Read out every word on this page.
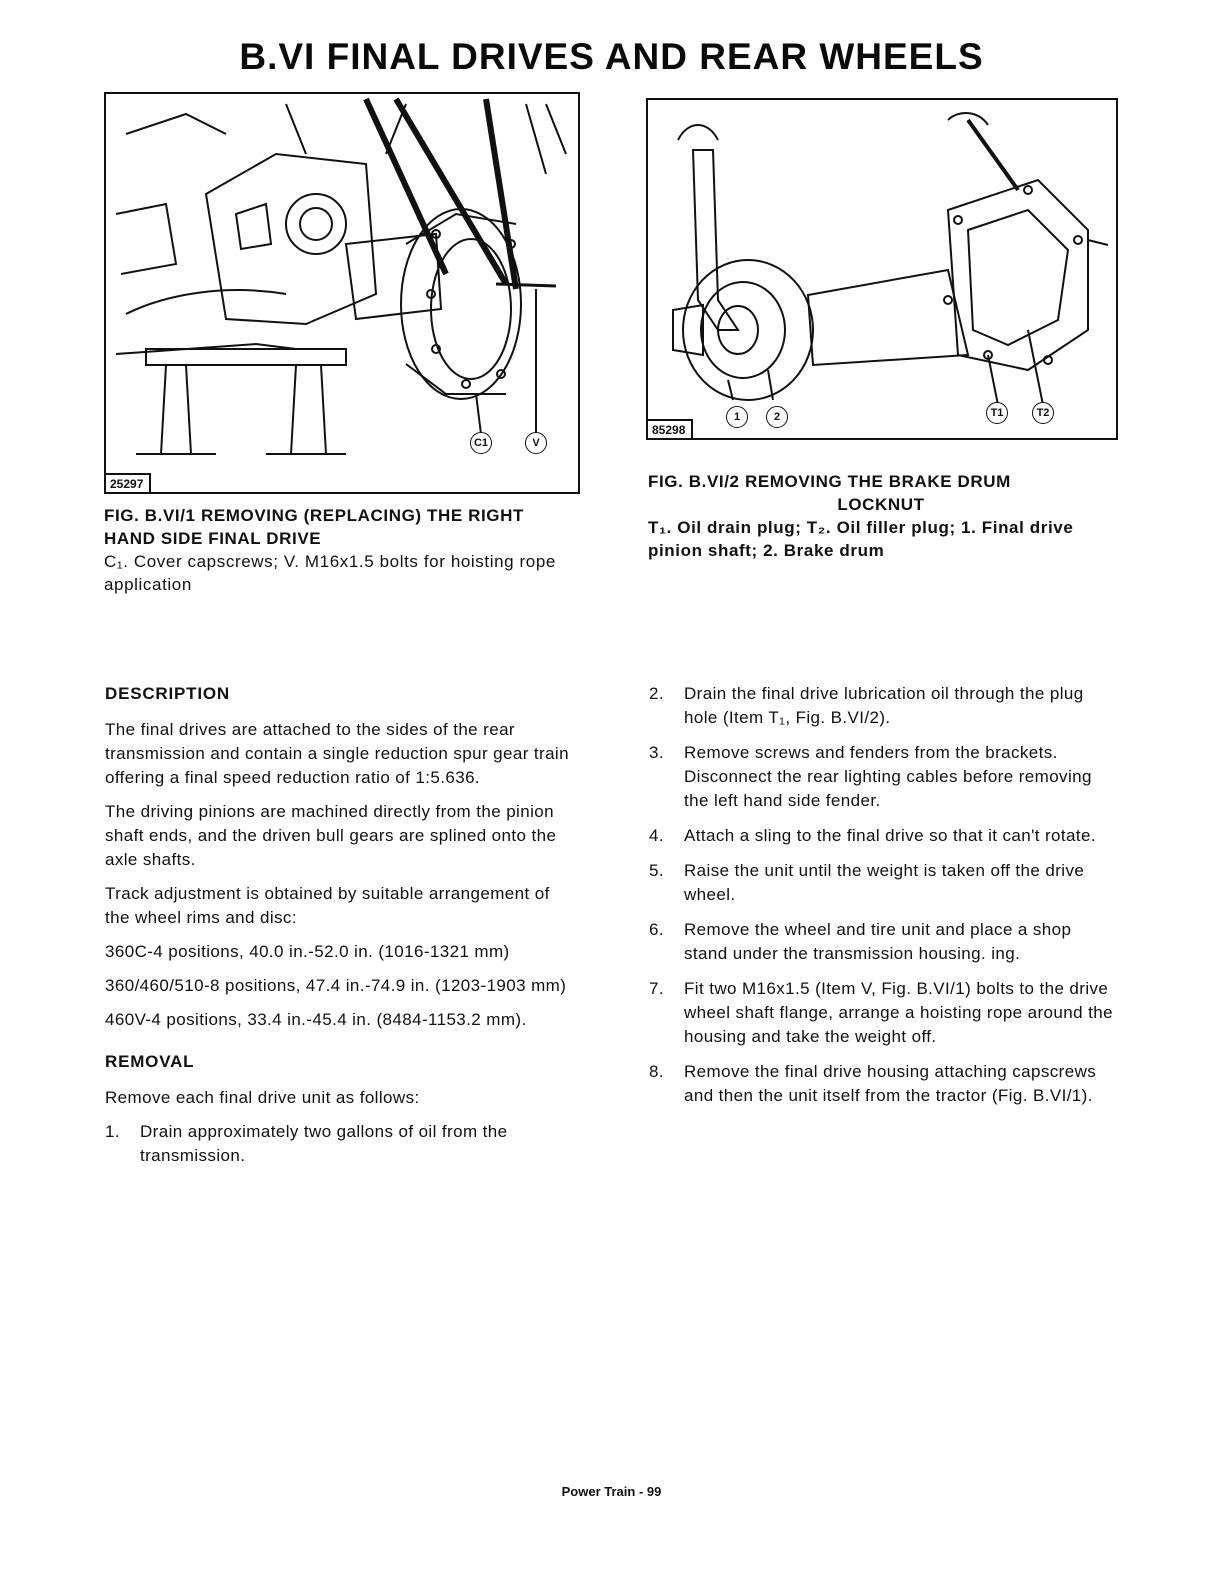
B.VI FINAL DRIVES AND REAR WHEELS
25297
C1	V
FIG. B.VI/1 REMOVING (REPLACING) THE RIGHT HAND SIDE FINAL DRIVE
C₁. Cover capscrews; V. M16x1.5 bolts for hoisting rope application
85298
1	2	T1	T2
FIG. B.VI/2 REMOVING THE BRAKE DRUM
LOCKNUT
T₁. Oil drain plug; T₂. Oil filler plug; 1. Final drive pinion shaft; 2. Brake drum
DESCRIPTION

The final drives are attached to the sides of the rear transmission and contain a single reduction spur gear train offering a final speed reduction ratio of 1:5.636.

The driving pinions are machined directly from the pinion shaft ends, and the driven bull gears are splined onto the axle shafts.

Track adjustment is obtained by suitable arrangement of the wheel rims and disc:

360C-4 positions, 40.0 in.-52.0 in. (1016-1321 mm)

360/460/510-8 positions, 47.4 in.-74.9 in. (1203-1903 mm)

460V-4 positions, 33.4 in.-45.4 in. (8484-1153.2 mm).

REMOVAL

Remove each final drive unit as follows:

1. Drain approximately two gallons of oil from the transmission.
2. Drain the final drive lubrication oil through the plug hole (Item T₁, Fig. B.VI/2).
3. Remove screws and fenders from the brackets. Disconnect the rear lighting cables before removing the left hand side fender.
4. Attach a sling to the final drive so that it can't rotate.
5. Raise the unit until the weight is taken off the drive wheel.
6. Remove the wheel and tire unit and place a shop stand under the transmission housing. ing.
7. Fit two M16x1.5 (Item V, Fig. B.VI/1) bolts to the drive wheel shaft flange, arrange a hoisting rope around the housing and take the weight off.
8. Remove the final drive housing attaching capscrews and then the unit itself from the tractor (Fig. B.VI/1).
Power Train - 99
